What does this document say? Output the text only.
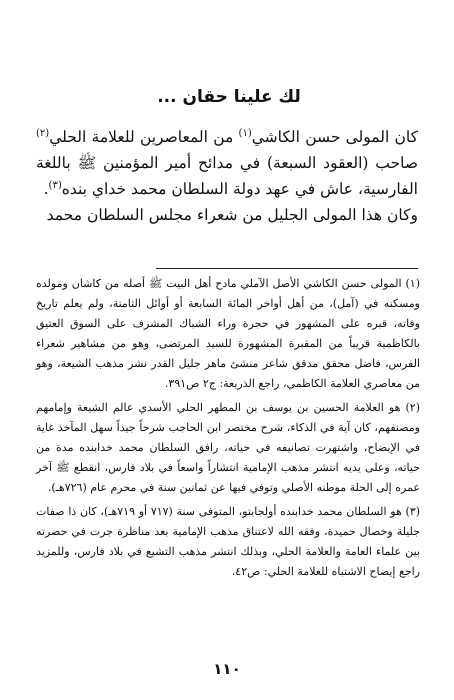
لك علينا حقان ...

كان المولى حسن الكاشي$^{(١)}$ من المعاصرين للعلامة الحلي$^{(٢)}$ صاحب (العقود السبعة) في مدائح أمير المؤمنين ﷺ باللغة الفارسية، عاش في عهد دولة السلطان محمد خداي بنده$^{(٣)}$.

وكان هذا المولى الجليل من شعراء مجلس السلطان محمد

(١) المولى حسن الكاشي الأصل الآملي مادح أهل البيت ﷺ أصله من كاشان ومولده ومسكنه في (آمل)، من أهل أواخر المائة السابعة أو أوائل الثامنة، ولم يعلم تاريخ وفاته، قبره على المشهور في حجرة وراء الشباك المشرف على السوق العتيق بالكاظمية قريباً من المقبرة المشهورة للسيد المرتضى، وهو من مشاهير شعراء الفرس، فاضل محقق مدقق شاعر منشئ ماهر جليل القدر نشر مذهب الشيعة، وهو من معاصري العلامة الكاظمي، راجع الذريعة: ج٢ ص٣٩١.

(٢) هو العلامة الحسين بن يوسف بن المطهر الحلي الأسدي عالم الشيعة وإمامهم ومصنفهم، كان آية في الذكاء، شرح مختصر ابن الحاجب شرحاً جيداً سهل المآخذ غاية في الإيضاح، واشتهرت تصانيفه في حياته، رافق السلطان محمد خدابنده مدة من حياته، وعلى يديه انتشر مذهب الإمامية انتشاراً واسعاً في بلاد فارس، انقطع ﷺ آخر عمره إلى الحلة موطنه الأصلي وتوفي فيها عن ثمانين سنة في محرم عام (٧٢٦هـ).

(٣) هو السلطان محمد خدابنده أولجايتو، المتوفى سنة (٧١٧ أو ٧١٩هـ)، كان ذا صفات جليلة وخصال حميدة، وفقه الله لاعتناق مذهب الإمامية بعد مناظرة جرت في حضرته بين علماء العامة والعلامة الحلي، وبذلك انتشر مذهب التشيع في بلاد فارس، وللمزيد راجع إيضاح الاشتباه للعلامة الحلي: ص٤٢.

١١٠
